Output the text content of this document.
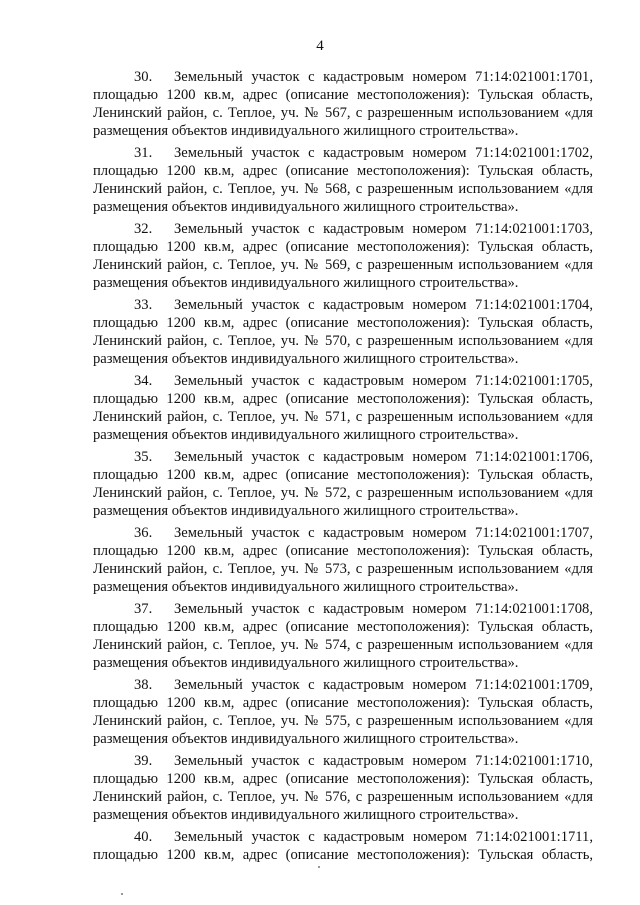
4
30. Земельный участок с кадастровым номером 71:14:021001:1701,
площадью 1200 кв.м, адрес (описание местоположения): Тульская область,
Ленинский район, с. Теплое, уч. № 567, с разрешенным использованием «для
размещения объектов индивидуального жилищного строительства».
31. Земельный участок с кадастровым номером 71:14:021001:1702,
площадью 1200 кв.м, адрес (описание местоположения): Тульская область,
Ленинский район, с. Теплое, уч. № 568, с разрешенным использованием «для
размещения объектов индивидуального жилищного строительства».
32. Земельный участок с кадастровым номером 71:14:021001:1703,
площадью 1200 кв.м, адрес (описание местоположения): Тульская область,
Ленинский район, с. Теплое, уч. № 569, с разрешенным использованием «для
размещения объектов индивидуального жилищного строительства».
33. Земельный участок с кадастровым номером 71:14:021001:1704,
площадью 1200 кв.м, адрес (описание местоположения): Тульская область,
Ленинский район, с. Теплое, уч. № 570, с разрешенным использованием «для
размещения объектов индивидуального жилищного строительства».
34. Земельный участок с кадастровым номером 71:14:021001:1705,
площадью 1200 кв.м, адрес (описание местоположения): Тульская область,
Ленинский район, с. Теплое, уч. № 571, с разрешенным использованием «для
размещения объектов индивидуального жилищного строительства».
35. Земельный участок с кадастровым номером 71:14:021001:1706,
площадью 1200 кв.м, адрес (описание местоположения): Тульская область,
Ленинский район, с. Теплое, уч. № 572, с разрешенным использованием «для
размещения объектов индивидуального жилищного строительства».
36. Земельный участок с кадастровым номером 71:14:021001:1707,
площадью 1200 кв.м, адрес (описание местоположения): Тульская область,
Ленинский район, с. Теплое, уч. № 573, с разрешенным использованием «для
размещения объектов индивидуального жилищного строительства».
37. Земельный участок с кадастровым номером 71:14:021001:1708,
площадью 1200 кв.м, адрес (описание местоположения): Тульская область,
Ленинский район, с. Теплое, уч. № 574, с разрешенным использованием «для
размещения объектов индивидуального жилищного строительства».
38. Земельный участок с кадастровым номером 71:14:021001:1709,
площадью 1200 кв.м, адрес (описание местоположения): Тульская область,
Ленинский район, с. Теплое, уч. № 575, с разрешенным использованием «для
размещения объектов индивидуального жилищного строительства».
39. Земельный участок с кадастровым номером 71:14:021001:1710,
площадью 1200 кв.м, адрес (описание местоположения): Тульская область,
Ленинский район, с. Теплое, уч. № 576, с разрешенным использованием «для
размещения объектов индивидуального жилищного строительства».
40. Земельный участок с кадастровым номером 71:14:021001:1711,
площадью 1200 кв.м, адрес (описание местоположения): Тульская область,
